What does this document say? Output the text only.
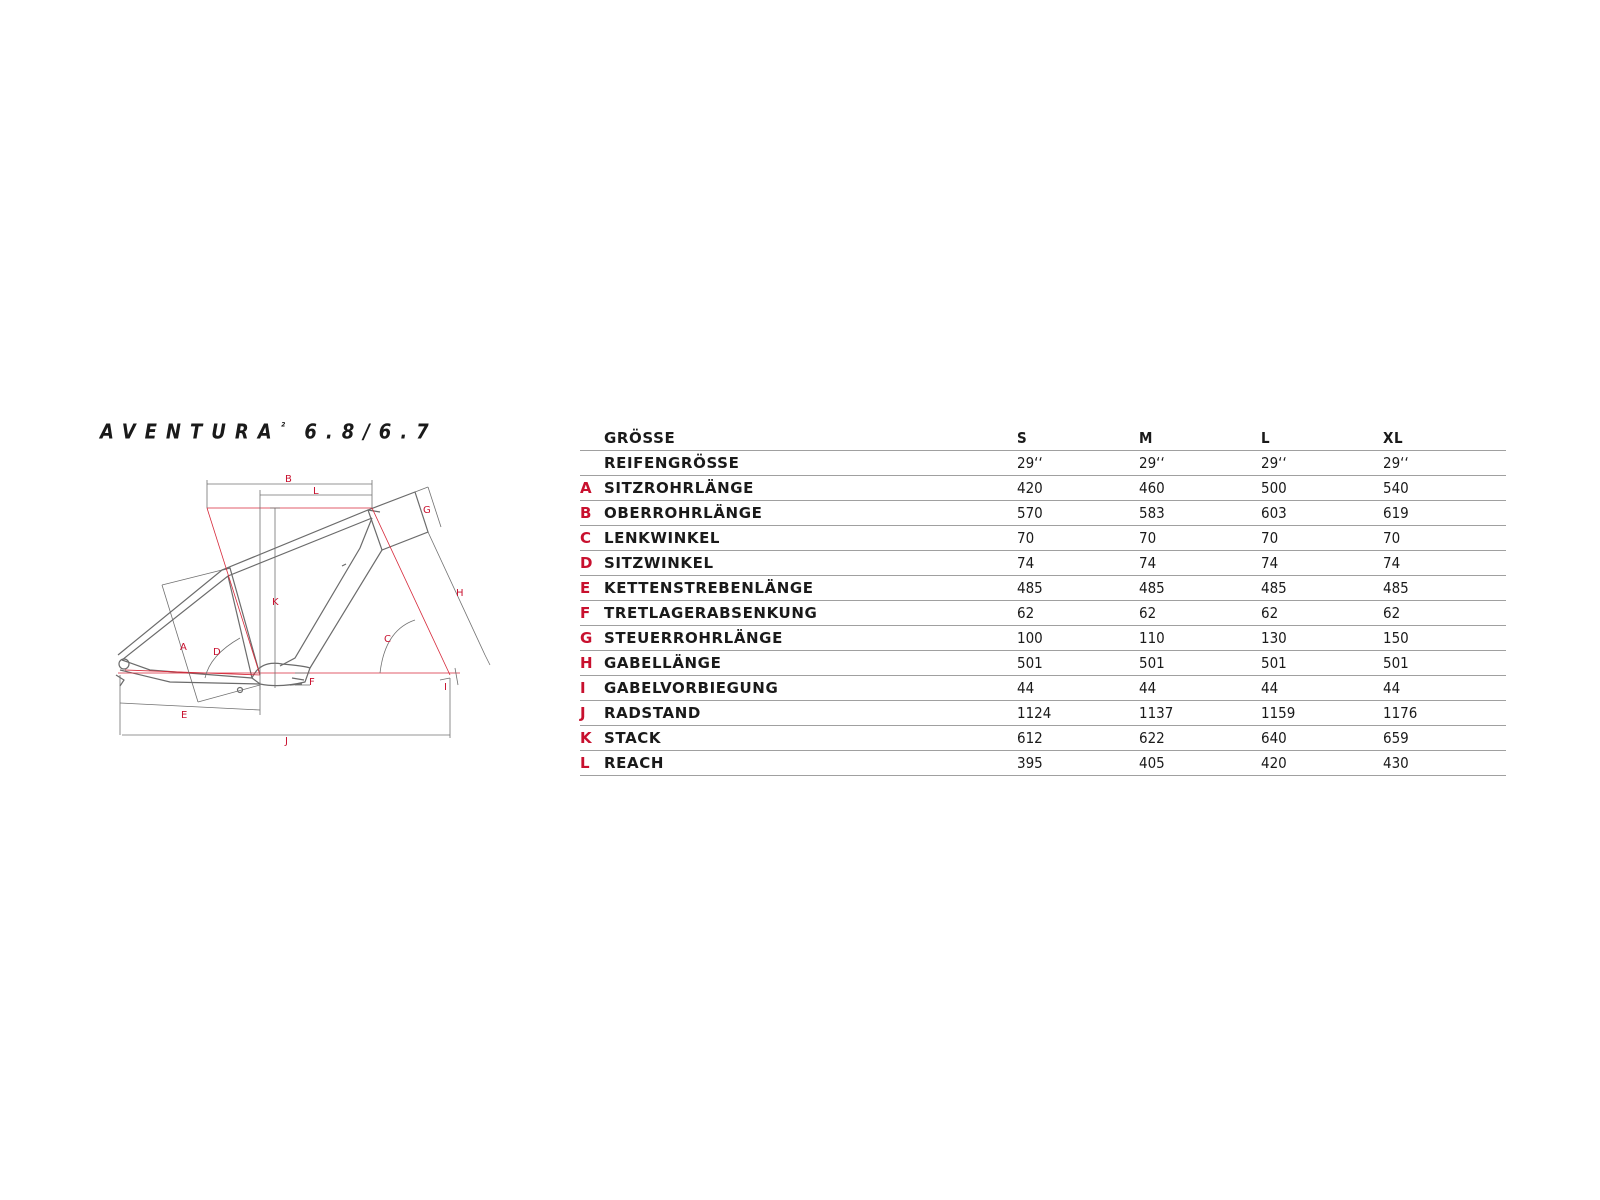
$AVENTURA^{^2}$ 6.8/6.7
B
L
G
H
K
C
A	D
F	I
E
J
	GRÖSSE	S	M	L	XL
	REIFENGRÖSSE	29‘‘	29‘‘	29‘‘	29‘‘
A	SITZROHRLÄNGE	420	460	500	540
B	OBERROHRLÄNGE	570	583	603	619
C	LENKWINKEL	70	70	70	70
D	SITZWINKEL	74	74	74	74
E	KETTENSTREBENLÄNGE	485	485	485	485
F	TRETLAGERABSENKUNG	62	62	62	62
G	STEUERROHRLÄNGE	100	110	130	150
H	GABELLÄNGE	501	501	501	501
I	GABELVORBIEGUNG	44	44	44	44
J	RADSTAND	1124	1137	1159	1176
K	STACK	612	622	640	659
L	REACH	395	405	420	430
